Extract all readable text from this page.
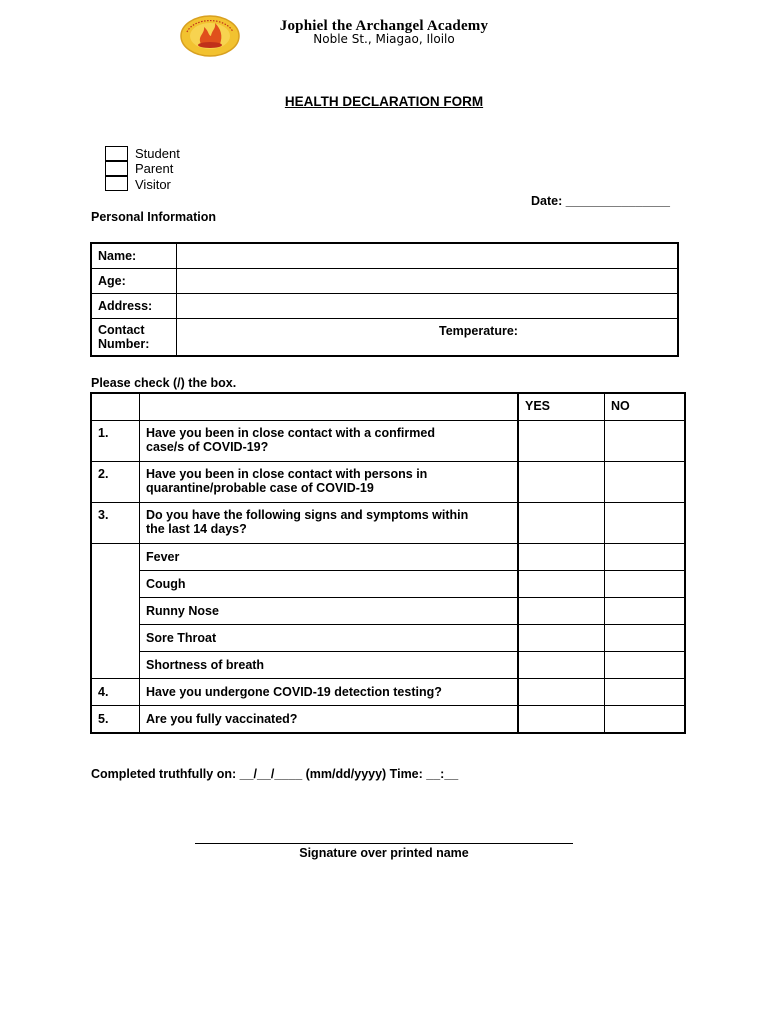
Jophiel the Archangel Academy
Noble St., Miagao, Iloilo
HEALTH DECLARATION FORM
Student
Parent
Visitor
Date: _______________
Personal Information
Name:	
Age:	
Address:	

Contact
Number:	Temperature:
Please check (/) the box.
		YES	NO
1.	Have you been in close contact with a confirmed
case/s of COVID-19?		

2.	Have you been in close contact with persons in
quarantine/probable case of COVID-19		

3.	Do you have the following signs and symptoms within
the last 14 days?		

	Fever		
	Cough		
	Runny Nose		
	Sore Throat		
	Shortness of breath		
4.	Have you undergone COVID-19 detection testing?		
5.	Are you fully vaccinated?		
Completed truthfully on: __/__/____ (mm/dd/yyyy) Time: __:__
Signature over printed name
